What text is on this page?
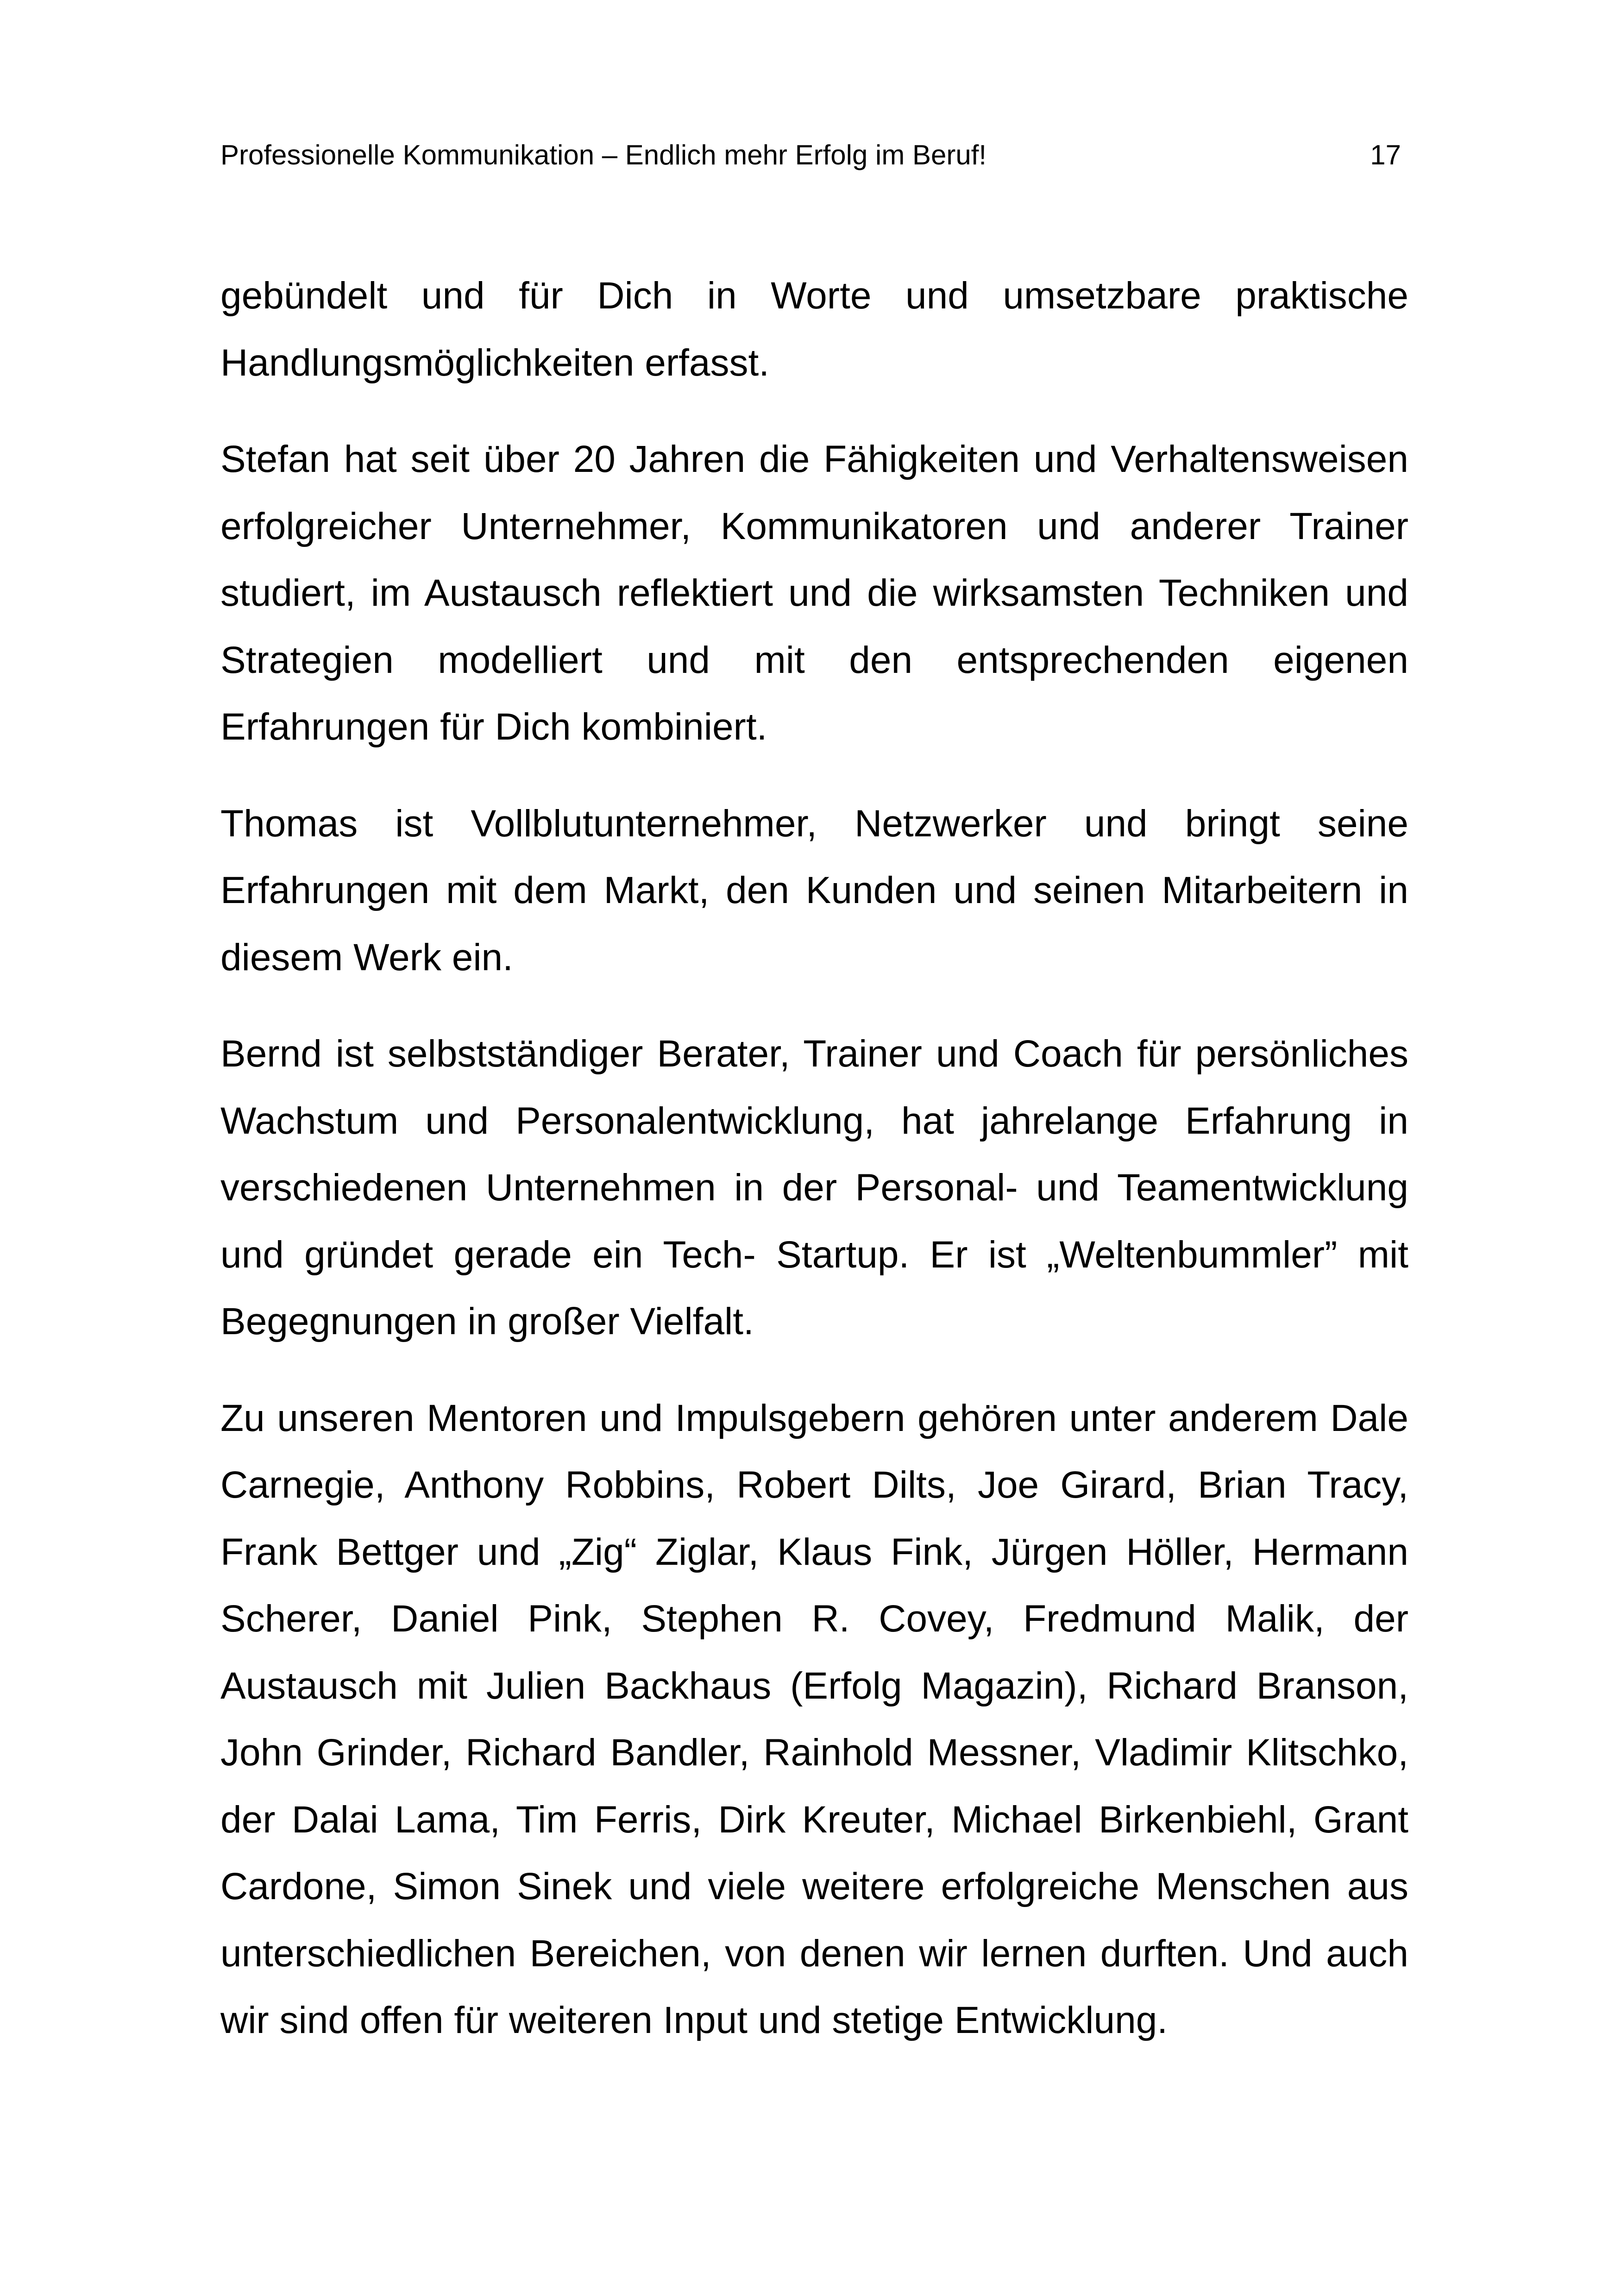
Professionelle Kommunikation – Endlich mehr Erfolg im Beruf!	17

gebündelt und für Dich in Worte und umsetzbare praktische Handlungsmöglichkeiten erfasst.

Stefan hat seit über 20 Jahren die Fähigkeiten und Verhaltensweisen erfolgreicher Unternehmer, Kommunikatoren und anderer Trainer studiert, im Austausch reflektiert und die wirksamsten Techniken und Strategien modelliert und mit den entsprechenden eigenen Erfahrungen für Dich kombiniert.

Thomas ist Vollblutunternehmer, Netzwerker und bringt seine Erfahrungen mit dem Markt, den Kunden und seinen Mitarbeitern in diesem Werk ein.

Bernd ist selbstständiger Berater, Trainer und Coach für persönliches Wachstum und Personalentwicklung, hat jahrelange Erfahrung in verschiedenen Unternehmen in der Personal- und Teamentwicklung und gründet gerade ein Tech- Startup. Er ist „Weltenbummler” mit Begegnungen in großer Vielfalt.

Zu unseren Mentoren und Impulsgebern gehören unter anderem Dale Carnegie, Anthony Robbins, Robert Dilts, Joe Girard, Brian Tracy, Frank Bettger und „Zig“ Ziglar, Klaus Fink, Jürgen Höller, Hermann Scherer, Daniel Pink, Stephen R. Covey, Fredmund Malik, der Austausch mit Julien Backhaus (Erfolg Magazin), Richard Branson, John Grinder, Richard Bandler, Rainhold Messner, Vladimir Klitschko, der Dalai Lama, Tim Ferris, Dirk Kreuter, Michael Birkenbiehl, Grant Cardone, Simon Sinek und viele weitere erfolgreiche Menschen aus unterschiedlichen Bereichen, von denen wir lernen durften. Und auch wir sind offen für weiteren Input und stetige Entwicklung.
